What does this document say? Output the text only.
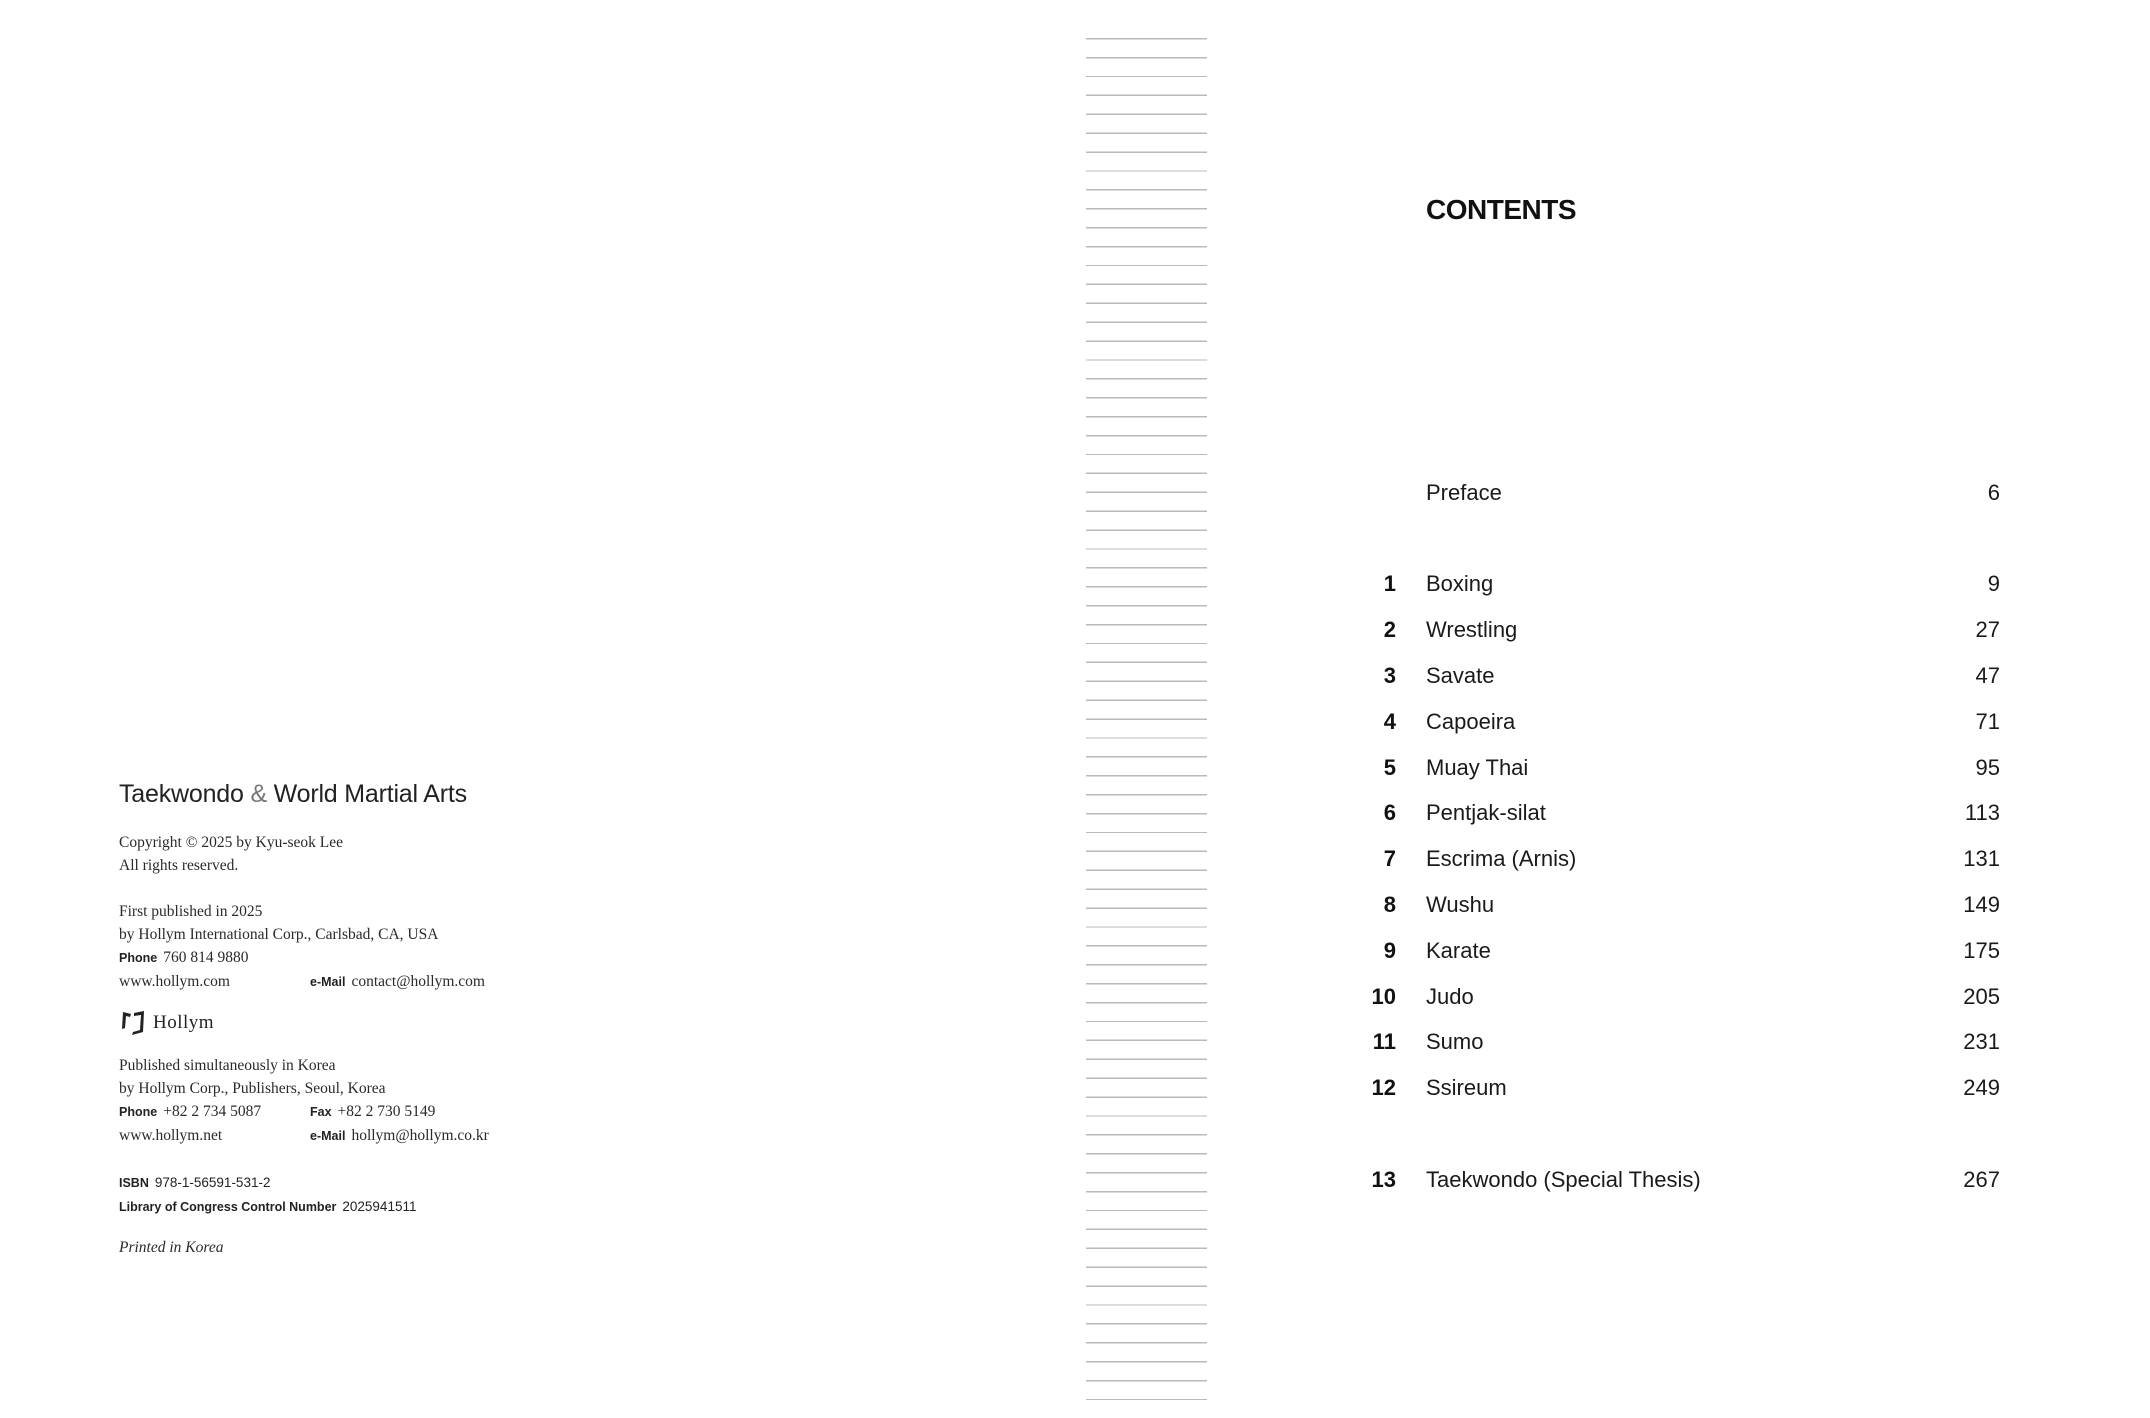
Taekwondo & World Martial Arts
Copyright © 2025 by Kyu-seok Lee
All rights reserved.
First published in 2025
by Hollym International Corp., Carlsbad, CA, USA
Phone 760 814 9880
www.hollym.com	e-Mail contact@hollym.com
Hollym
Published simultaneously in Korea
by Hollym Corp., Publishers, Seoul, Korea
Phone +82 2 734 5087	Fax +82 2 730 5149
www.hollym.net	e-Mail hollym@hollym.co.kr
ISBN 978-1-56591-531-2
Library of Congress Control Number 2025941511
Printed in Korea
CONTENTS
Preface	6
1 Boxing	9
2 Wrestling	27
3 Savate	47
4 Capoeira	71
5 Muay Thai	95
6 Pentjak-silat	113
7 Escrima (Arnis)	131
8 Wushu	149
9 Karate	175
10 Judo	205
11 Sumo	231
12 Ssireum	249
13 Taekwondo (Special Thesis)	267
